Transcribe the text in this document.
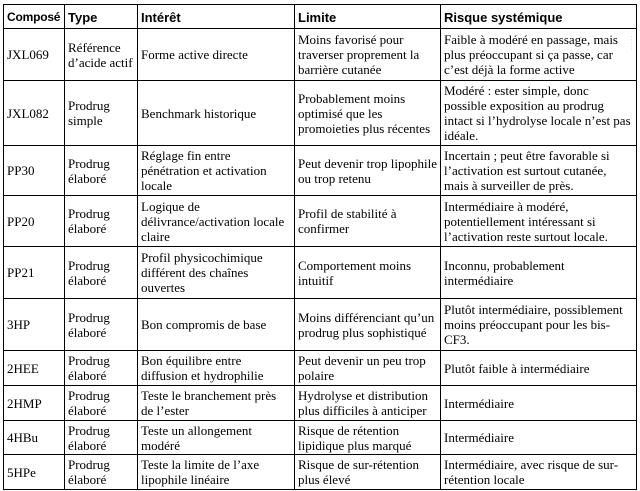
Composé	Type	Intérêt	Limite	Risque systémique
JXL069	Référence d’acide actif	Forme active directe	Moins favorisé pour traverser proprement la barrière cutanée	Faible à modéré en passage, mais plus préoccupant si ça passe, car c’est déjà la forme active
JXL082	Prodrug simple	Benchmark historique	Probablement moins optimisé que les promoieties plus récentes	Modéré : ester simple, donc possible exposition au prodrug intact si l’hydrolyse locale n’est pas idéale.
PP30	Prodrug élaboré	Réglage fin entre pénétration et activation locale	Peut devenir trop lipophile ou trop retenu	Incertain ; peut être favorable si l’activation est surtout cutanée, mais à surveiller de près.
PP20	Prodrug élaboré	Logique de délivrance/activation locale claire	Profil de stabilité à confirmer	Intermédiaire à modéré, potentiellement intéressant si l’activation reste surtout locale.
PP21	Prodrug élaboré	Profil physicochimique différent des chaînes ouvertes	Comportement moins intuitif	Inconnu, probablement intermédiaire
3HP	Prodrug élaboré	Bon compromis de base	Moins différenciant qu’un prodrug plus sophistiqué	Plutôt intermédiaire, possiblement moins préoccupant pour les bis-CF3.
2HEE	Prodrug élaboré	Bon équilibre entre diffusion et hydrophilie	Peut devenir un peu trop polaire	Plutôt faible à intermédiaire
2HMP	Prodrug élaboré	Teste le branchement près de l’ester	Hydrolyse et distribution plus difficiles à anticiper	Intermédiaire
4HBu	Prodrug élaboré	Teste un allongement modéré	Risque de rétention lipidique plus marqué	Intermédiaire
5HPe	Prodrug élaboré	Teste la limite de l’axe lipophile linéaire	Risque de sur-rétention plus élevé	Intermédiaire, avec risque de sur-rétention locale
· · · · ·
